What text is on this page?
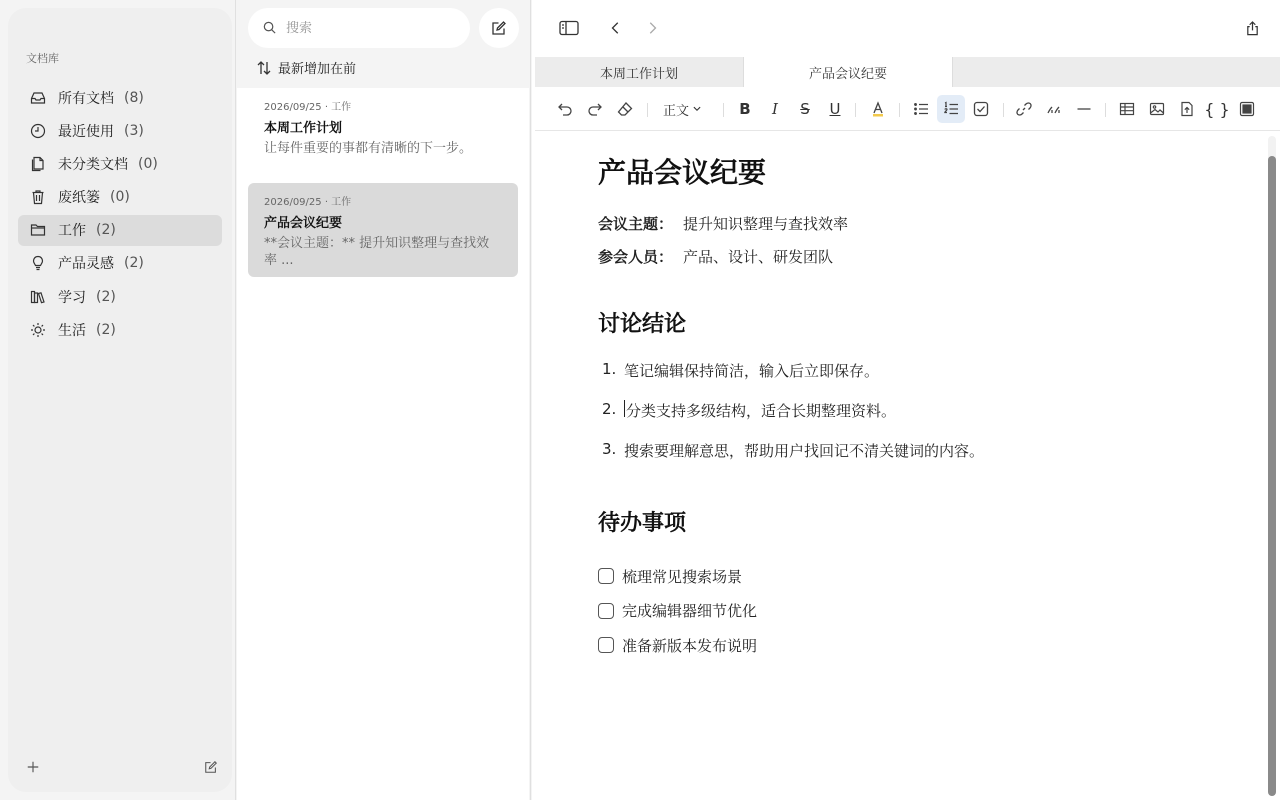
文档库
所有文档 (8)
最近使用 (3)
未分类文档 (0)
废纸篓 (0)
工作 (2)
产品灵感 (2)
学习 (2)
生活 (2)
搜索
最新增加在前
2026/09/25 · 工作
本周工作计划
让每件重要的事都有清晰的下一步。
2026/09/25 · 工作
产品会议纪要
**会议主题：** 提升知识整理与查找效率 ...
本周工作计划	产品会议纪要
正文	B I S U	{ }
产品会议纪要
会议主题： 提升知识整理与查找效率
参会人员： 产品、设计、研发团队
讨论结论
1. 笔记编辑保持简洁，输入后立即保存。
2. 分类支持多级结构，适合长期整理资料。
3. 搜索要理解意思，帮助用户找回记不清关键词的内容。
待办事项
梳理常见搜索场景
完成编辑器细节优化
准备新版本发布说明
